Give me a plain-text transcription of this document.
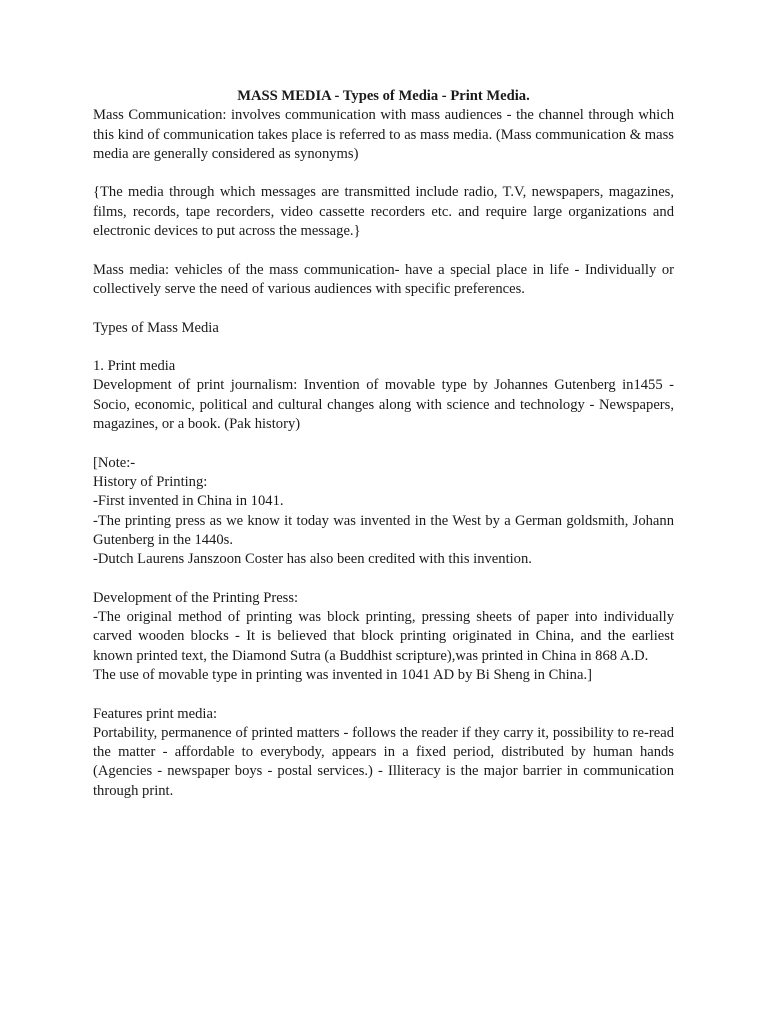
MASS MEDIA - Types of Media - Print Media.

Mass Communication: involves communication with mass audiences - the channel through which this kind of communication takes place is referred to as mass media. (Mass communication & mass media are generally considered as synonyms)

{The media through which messages are transmitted include radio, T.V, newspapers, magazines, films, records, tape recorders, video cassette recorders etc. and require large organizations and electronic devices to put across the message.}

Mass media: vehicles of the mass communication- have a special place in life - Individually or collectively serve the need of various audiences with specific preferences.

Types of Mass Media

1. Print media

Development of print journalism: Invention of movable type by Johannes Gutenberg in1455 - Socio, economic, political and cultural changes along with science and technology - Newspapers, magazines, or a book. (Pak history)

[Note:-

History of Printing:

-First invented in China in 1041.

-The printing press as we know it today was invented in the West by a German goldsmith, Johann Gutenberg in the 1440s.

-Dutch Laurens Janszoon Coster has also been credited with this invention.

Development of the Printing Press:

-The original method of printing was block printing, pressing sheets of paper into individually carved wooden blocks - It is believed that block printing originated in China, and the earliest known printed text, the Diamond Sutra (a Buddhist scripture),was printed in China in 868 A.D.

The use of movable type in printing was invented in 1041 AD by Bi Sheng in China.]

Features print media:

Portability, permanence of printed matters - follows the reader if they carry it, possibility to re-read the matter - affordable to everybody, appears in a fixed period, distributed by human hands (Agencies - newspaper boys - postal services.) - Illiteracy is the major barrier in communication through print.
